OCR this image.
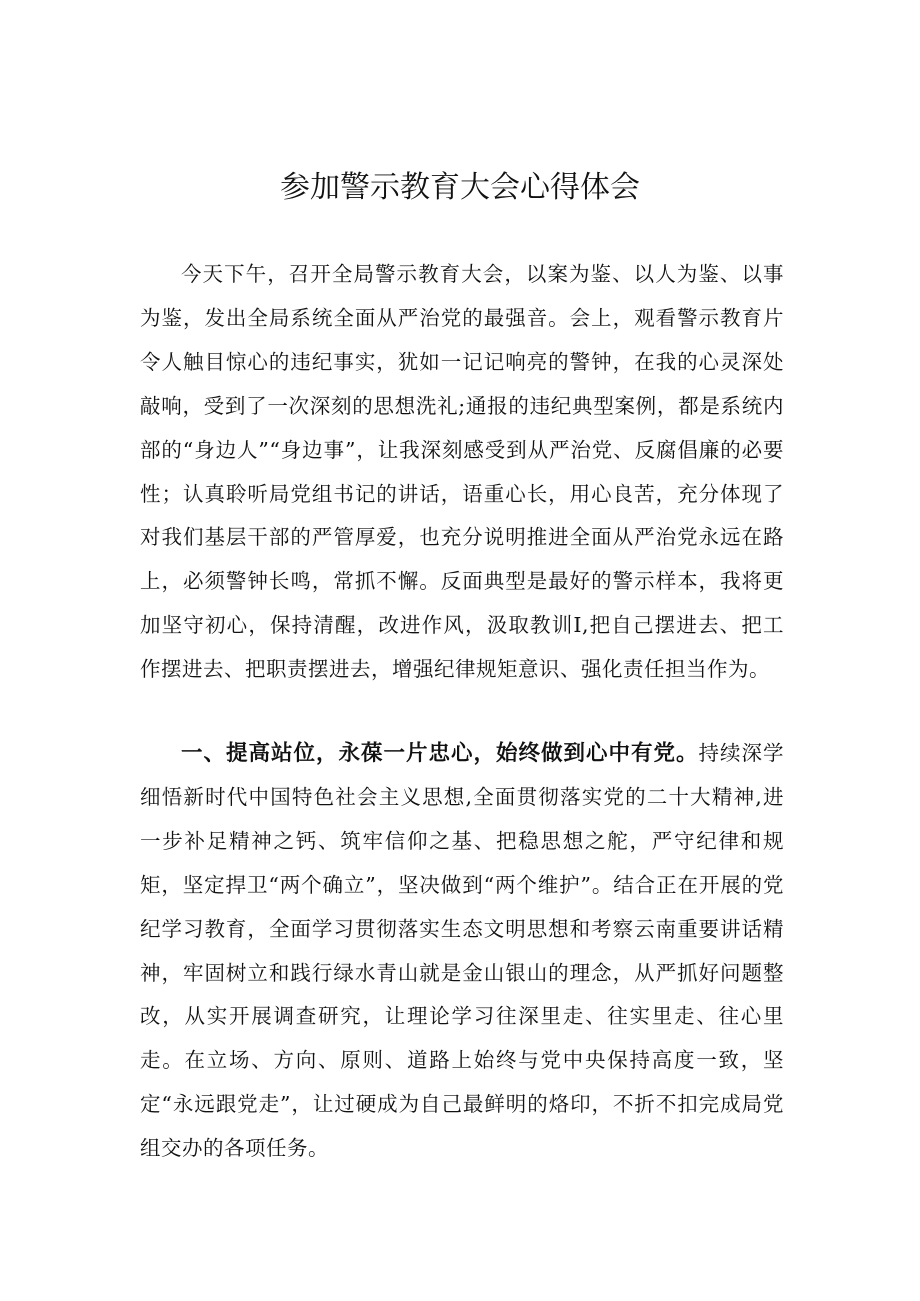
参加警示教育大会心得体会

今天下午，召开全局警示教育大会，以案为鉴、以人为鉴、以事为鉴，发出全局系统全面从严治党的最强音。会上，观看警示教育片令人触目惊心的违纪事实，犹如一记记响亮的警钟，在我的心灵深处敲响，受到了一次深刻的思想洗礼;通报的违纪典型案例，都是系统内部的“身边人”“身边事”，让我深刻感受到从严治党、反腐倡廉的必要性；认真聆听局党组书记的讲话，语重心长，用心良苦，充分体现了对我们基层干部的严管厚爱，也充分说明推进全面从严治党永远在路上，必须警钟长鸣，常抓不懈。反面典型是最好的警示样本，我将更加坚守初心，保持清醒，改进作风，汲取教训I,把自己摆进去、把工作摆进去、把职责摆进去，增强纪律规矩意识、强化责任担当作为。

一、提高站位，永葆一片忠心，始终做到心中有党。持续深学细悟新时代中国特色社会主义思想,全面贯彻落实党的二十大精神,进一步补足精神之钙、筑牢信仰之基、把稳思想之舵，严守纪律和规矩，坚定捍卫“两个确立”，坚决做到“两个维护”。结合正在开展的党纪学习教育，全面学习贯彻落实生态文明思想和考察云南重要讲话精神，牢固树立和践行绿水青山就是金山银山的理念，从严抓好问题整改，从实开展调查研究，让理论学习往深里走、往实里走、往心里走。在立场、方向、原则、道路上始终与党中央保持高度一致，坚定“永远跟党走”，让过硬成为自己最鲜明的烙印，不折不扣完成局党组交办的各项任务。
